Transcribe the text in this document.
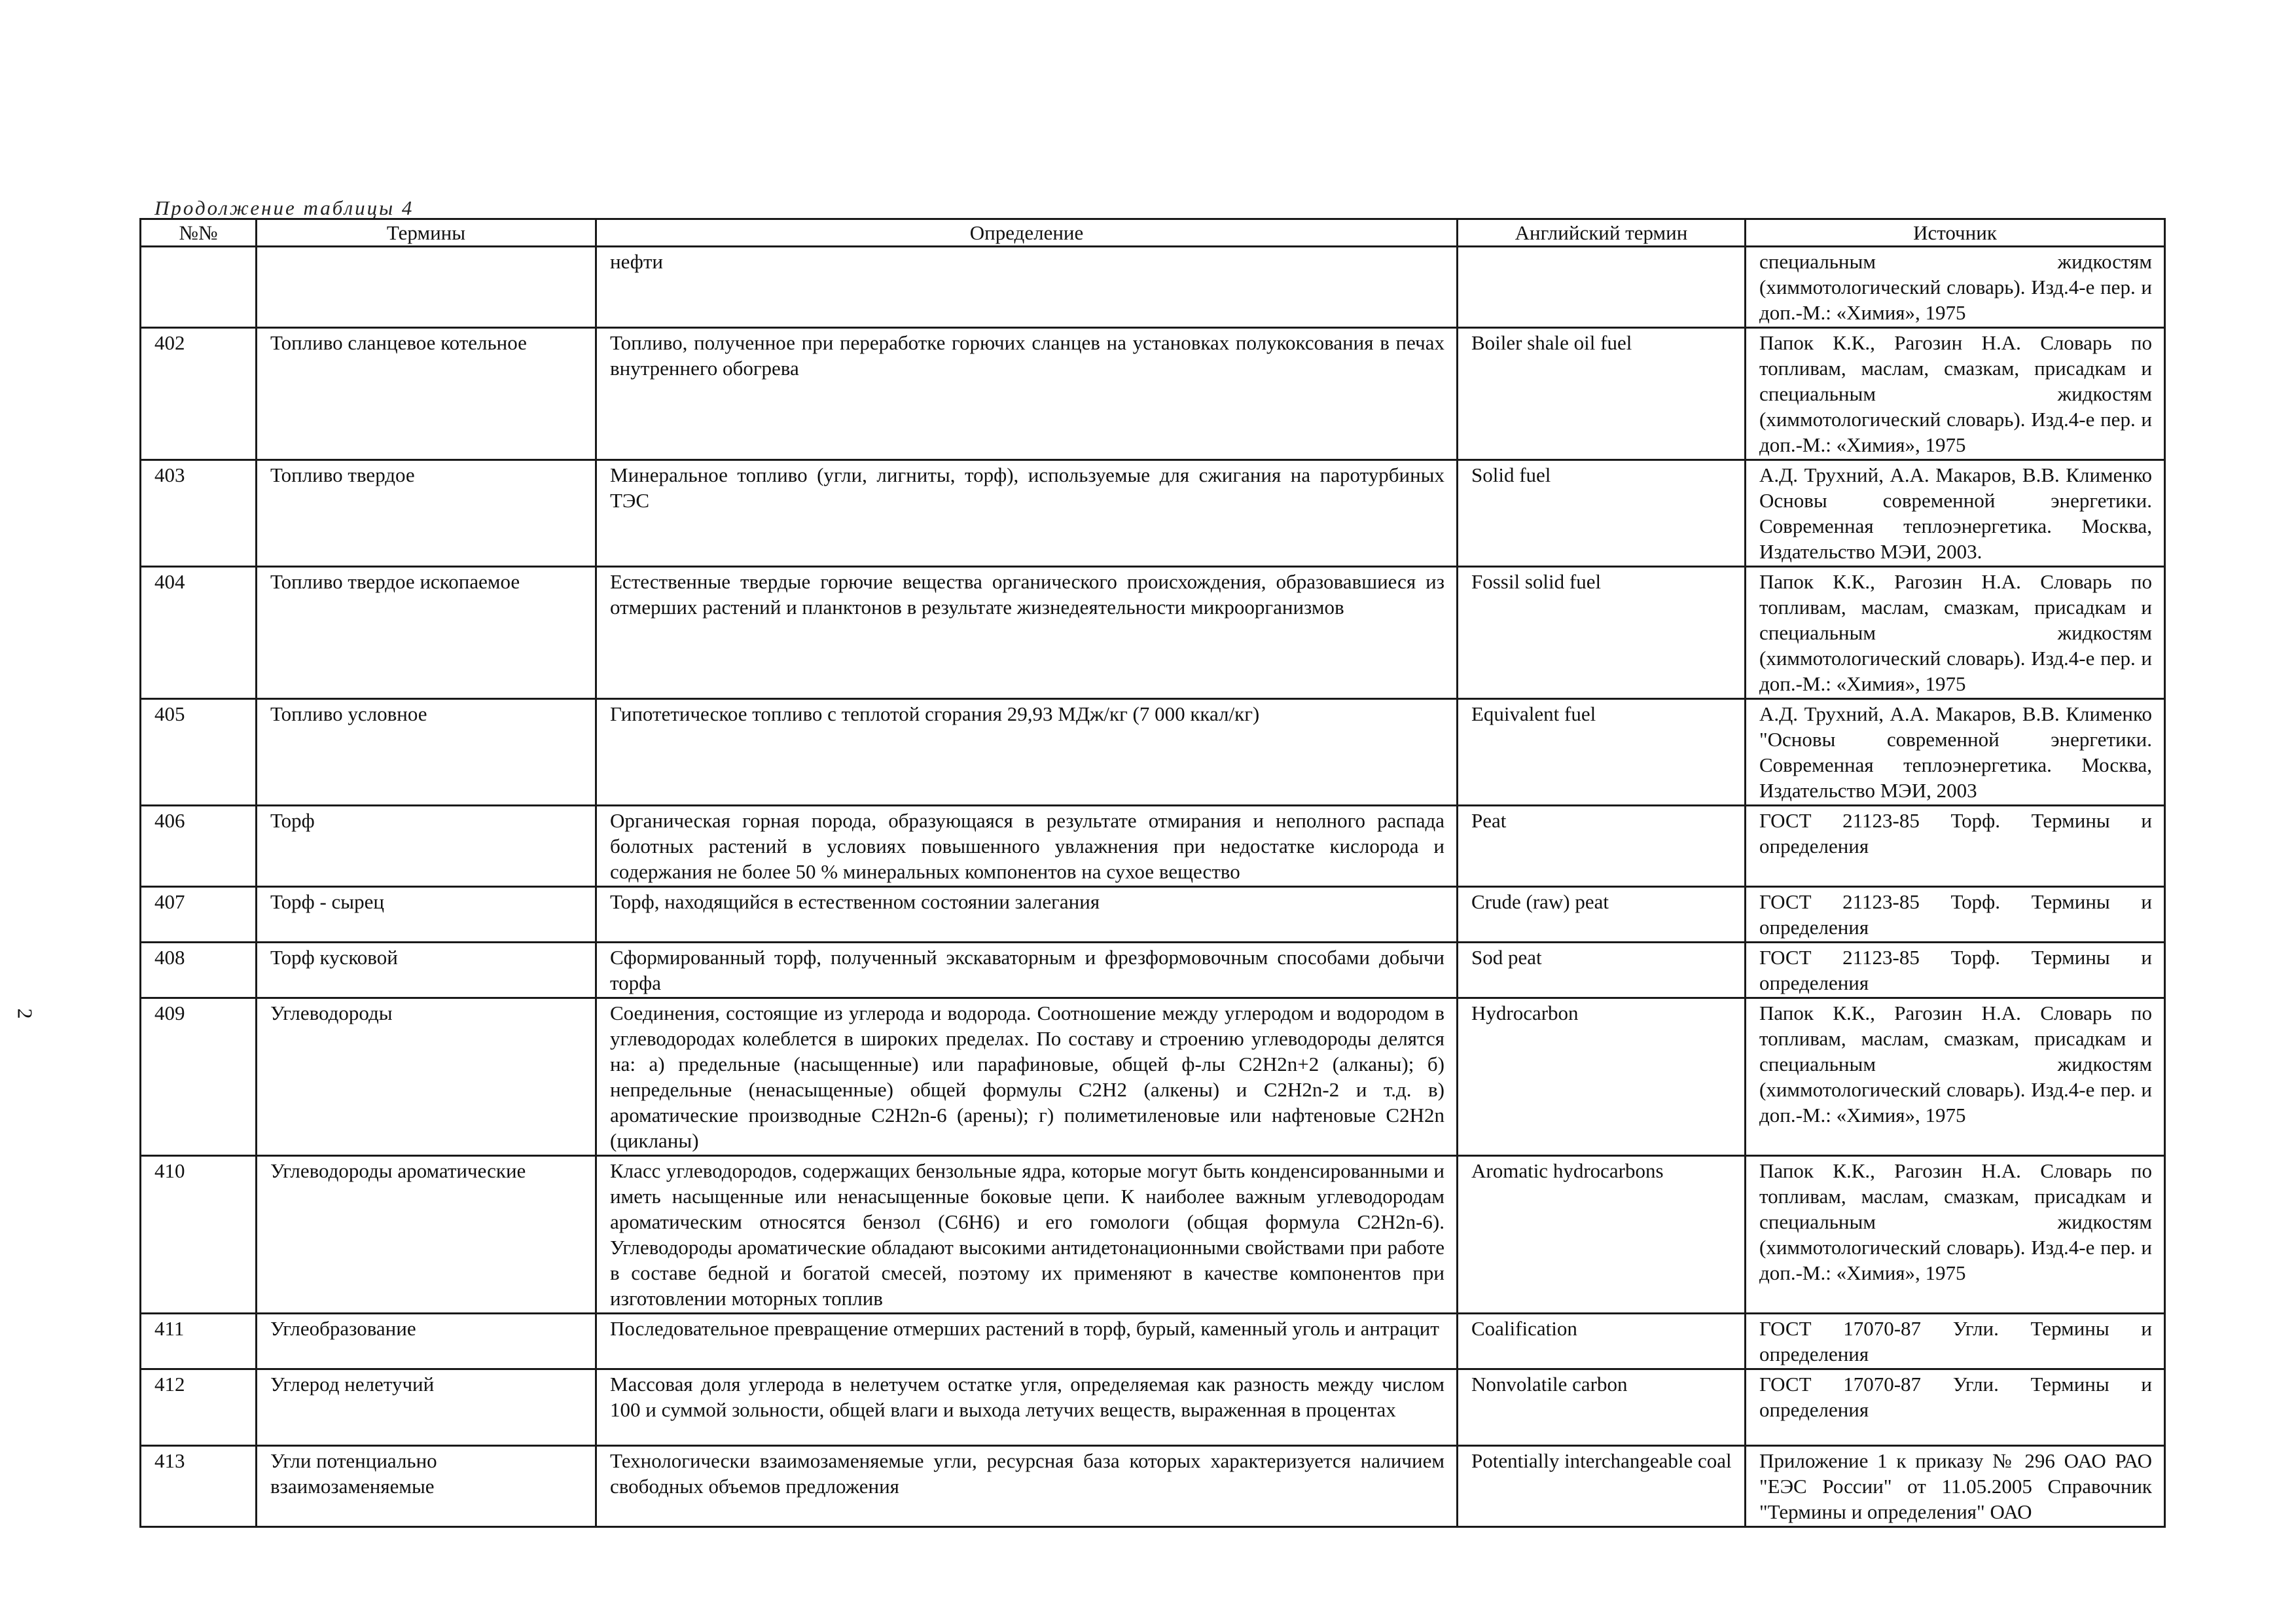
Продолжение таблицы 4
2
№№	Термины	Определение	Английский термин	Источник
		нефти		специальным жидкостям (химмотологический словарь). Изд.4-е пер. и доп.-М.: «Химия», 1975
402	Топливо сланцевое котельное	Топливо, полученное при переработке горючих сланцев на установках полукоксования в печах внутреннего обогрева	Boiler shale oil fuel	Папок К.К., Рагозин Н.А. Словарь по топливам, маслам, смазкам, присадкам и специальным жидкостям (химмотологический словарь). Изд.4-е пер. и доп.-М.: «Химия», 1975
403	Топливо твердое	Минеральное топливо (угли, лигниты, торф), используемые для сжигания на паротурбиных ТЭС	Solid fuel	А.Д. Трухний, А.А. Макаров, В.В. Клименко Основы современной энергетики. Современная теплоэнергетика. Москва, Издательство МЭИ, 2003.
404	Топливо твердое ископаемое	Естественные твердые горючие вещества органического происхождения, образовавшиеся из отмерших растений и планктонов в результате жизнедеятельности микроорганизмов	Fossil solid fuel	Папок К.К., Рагозин Н.А. Словарь по топливам, маслам, смазкам, присадкам и специальным жидкостям (химмотологический словарь). Изд.4-е пер. и доп.-М.: «Химия», 1975
405	Топливо условное	Гипотетическое топливо с теплотой сгорания 29,93 МДж/кг (7 000 ккал/кг)	Equivalent fuel	А.Д. Трухний, А.А. Макаров, В.В. Клименко "Основы современной энергетики. Современная теплоэнергетика. Москва, Издательство МЭИ, 2003
406	Торф	Органическая горная порода, образующаяся в результате отмирания и неполного распада болотных растений в условиях повышенного увлажнения при недостатке кислорода и содержания не более 50 % минеральных компонентов на сухое вещество	Peat	ГОСТ 21123-85 Торф. Термины и определения
407	Торф - сырец	Торф, находящийся в естественном состоянии залегания	Crude (raw) peat	ГОСТ 21123-85 Торф. Термины и определения
408	Торф кусковой	Сформированный торф, полученный экскаваторным и фрезформовочным способами добычи торфа	Sod peat	ГОСТ 21123-85 Торф. Термины и определения
409	Углеводороды	Соединения, состоящие из углерода и водорода. Соотношение между углеродом и водородом в углеводородах колеблется в широких пределах. По составу и строению углеводороды делятся на: а) предельные (насыщенные) или парафиновые, общей ф-лы C2H2n+2 (алканы); б) непредельные (ненасыщенные) общей формулы C2H2 (алкены) и C2H2n-2 и т.д. в) ароматические производные C2H2n-6 (арены); г) полиметиленовые или нафтеновые C2H2n (цикланы)	Hydrocarbon	Папок К.К., Рагозин Н.А. Словарь по топливам, маслам, смазкам, присадкам и специальным жидкостям (химмотологический словарь). Изд.4-е пер. и доп.-М.: «Химия», 1975
410	Углеводороды ароматические	Класс углеводородов, содержащих бензольные ядра, которые могут быть конденсированными и иметь насыщенные или ненасыщенные боковые цепи. К наиболее важным углеводородам ароматическим относятся бензол (C6H6) и его гомологи (общая формула C2H2n-6). Углеводороды ароматические обладают высокими антидетонационными свойствами при работе в составе бедной и богатой смесей, поэтому их применяют в качестве компонентов при изготовлении моторных топлив	Aromatic hydrocarbons	Папок К.К., Рагозин Н.А. Словарь по топливам, маслам, смазкам, присадкам и специальным жидкостям (химмотологический словарь). Изд.4-е пер. и доп.-М.: «Химия», 1975
411	Углеобразование	Последовательное превращение отмерших растений в торф, бурый, каменный уголь и антрацит	Coalification	ГОСТ 17070-87 Угли. Термины и определения
412	Углерод нелетучий	Массовая доля углерода в нелетучем остатке угля, определяемая как разность между числом 100 и суммой зольности, общей влаги и выхода летучих веществ, выраженная в процентах	Nonvolatile carbon	ГОСТ 17070-87 Угли. Термины и определения
413	Угли потенциально взаимозаменяемые	Технологически взаимозаменяемые угли, ресурсная база которых характеризуется наличием свободных объемов предложения	Potentially interchangeable coal	Приложение 1 к приказу № 296 ОАО РАО "ЕЭС России" от 11.05.2005 Справочник "Термины и определения" ОАО
